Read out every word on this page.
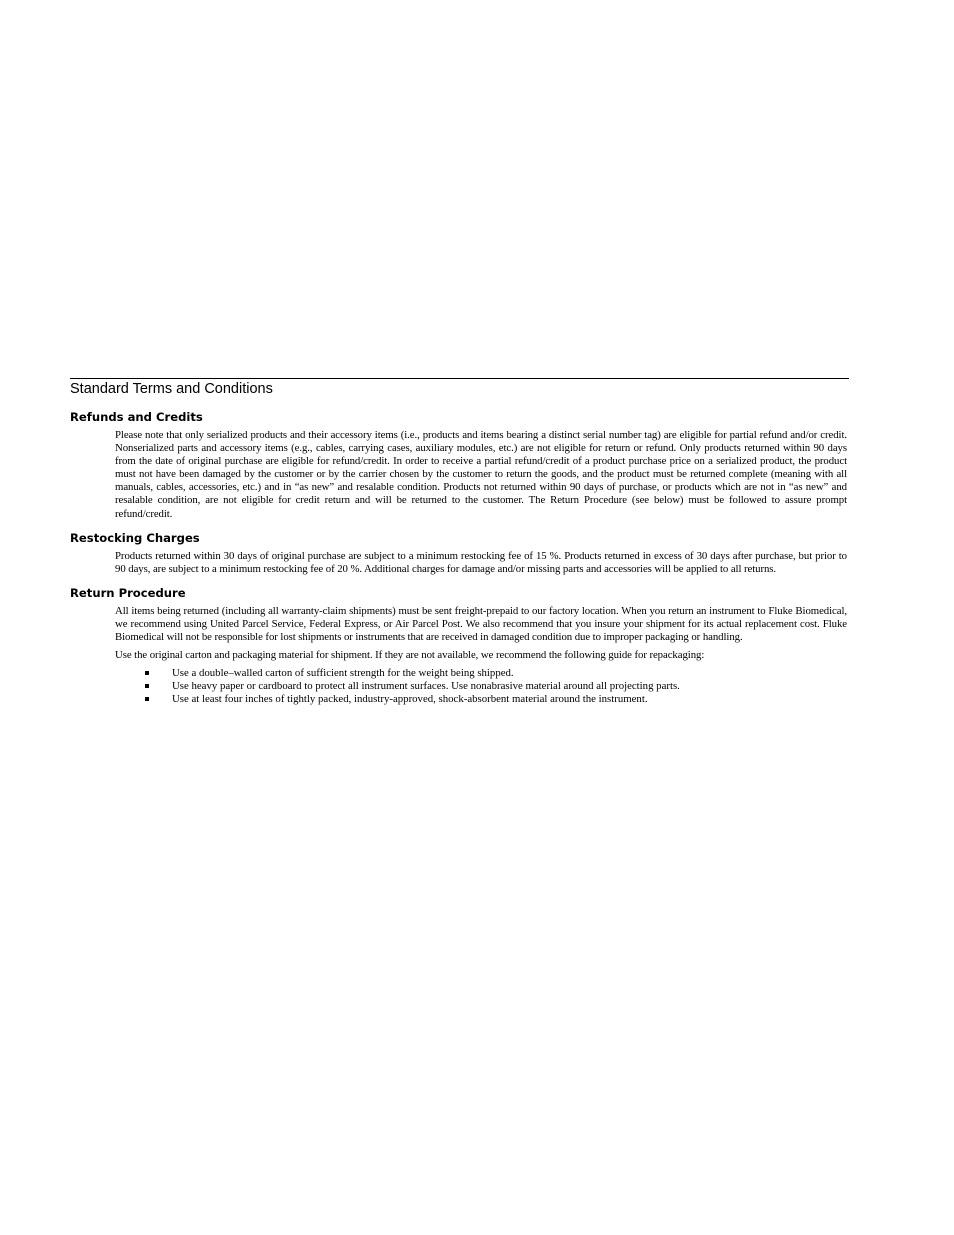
Standard Terms and Conditions
Refunds and Credits

Please note that only serialized products and their accessory items (i.e., products and items bearing a distinct serial number tag) are eligible for partial refund and/or credit. Nonserialized parts and accessory items (e.g., cables, carrying cases, auxiliary modules, etc.) are not eligible for return or refund. Only products returned within 90 days from the date of original purchase are eligible for refund/credit. In order to receive a partial refund/credit of a product purchase price on a serialized product, the product must not have been damaged by the customer or by the carrier chosen by the customer to return the goods, and the product must be returned complete (meaning with all manuals, cables, accessories, etc.) and in “as new” and resalable condition. Products not returned within 90 days of purchase, or products which are not in “as new” and resalable condition, are not eligible for credit return and will be returned to the customer. The Return Procedure (see below) must be followed to assure prompt refund/credit.

Restocking Charges

Products returned within 30 days of original purchase are subject to a minimum restocking fee of 15 %. Products returned in excess of 30 days after purchase, but prior to 90 days, are subject to a minimum restocking fee of 20 %. Additional charges for damage and/or missing parts and accessories will be applied to all returns.

Return Procedure

All items being returned (including all warranty-claim shipments) must be sent freight-prepaid to our factory location. When you return an instrument to Fluke Biomedical, we recommend using United Parcel Service, Federal Express, or Air Parcel Post. We also recommend that you insure your shipment for its actual replacement cost. Fluke Biomedical will not be responsible for lost shipments or instruments that are received in damaged condition due to improper packaging or handling.

Use the original carton and packaging material for shipment. If they are not available, we recommend the following guide for repackaging:

Use a double–walled carton of sufficient strength for the weight being shipped.
Use heavy paper or cardboard to protect all instrument surfaces. Use nonabrasive material around all projecting parts.
Use at least four inches of tightly packed, industry-approved, shock-absorbent material around the instrument.
